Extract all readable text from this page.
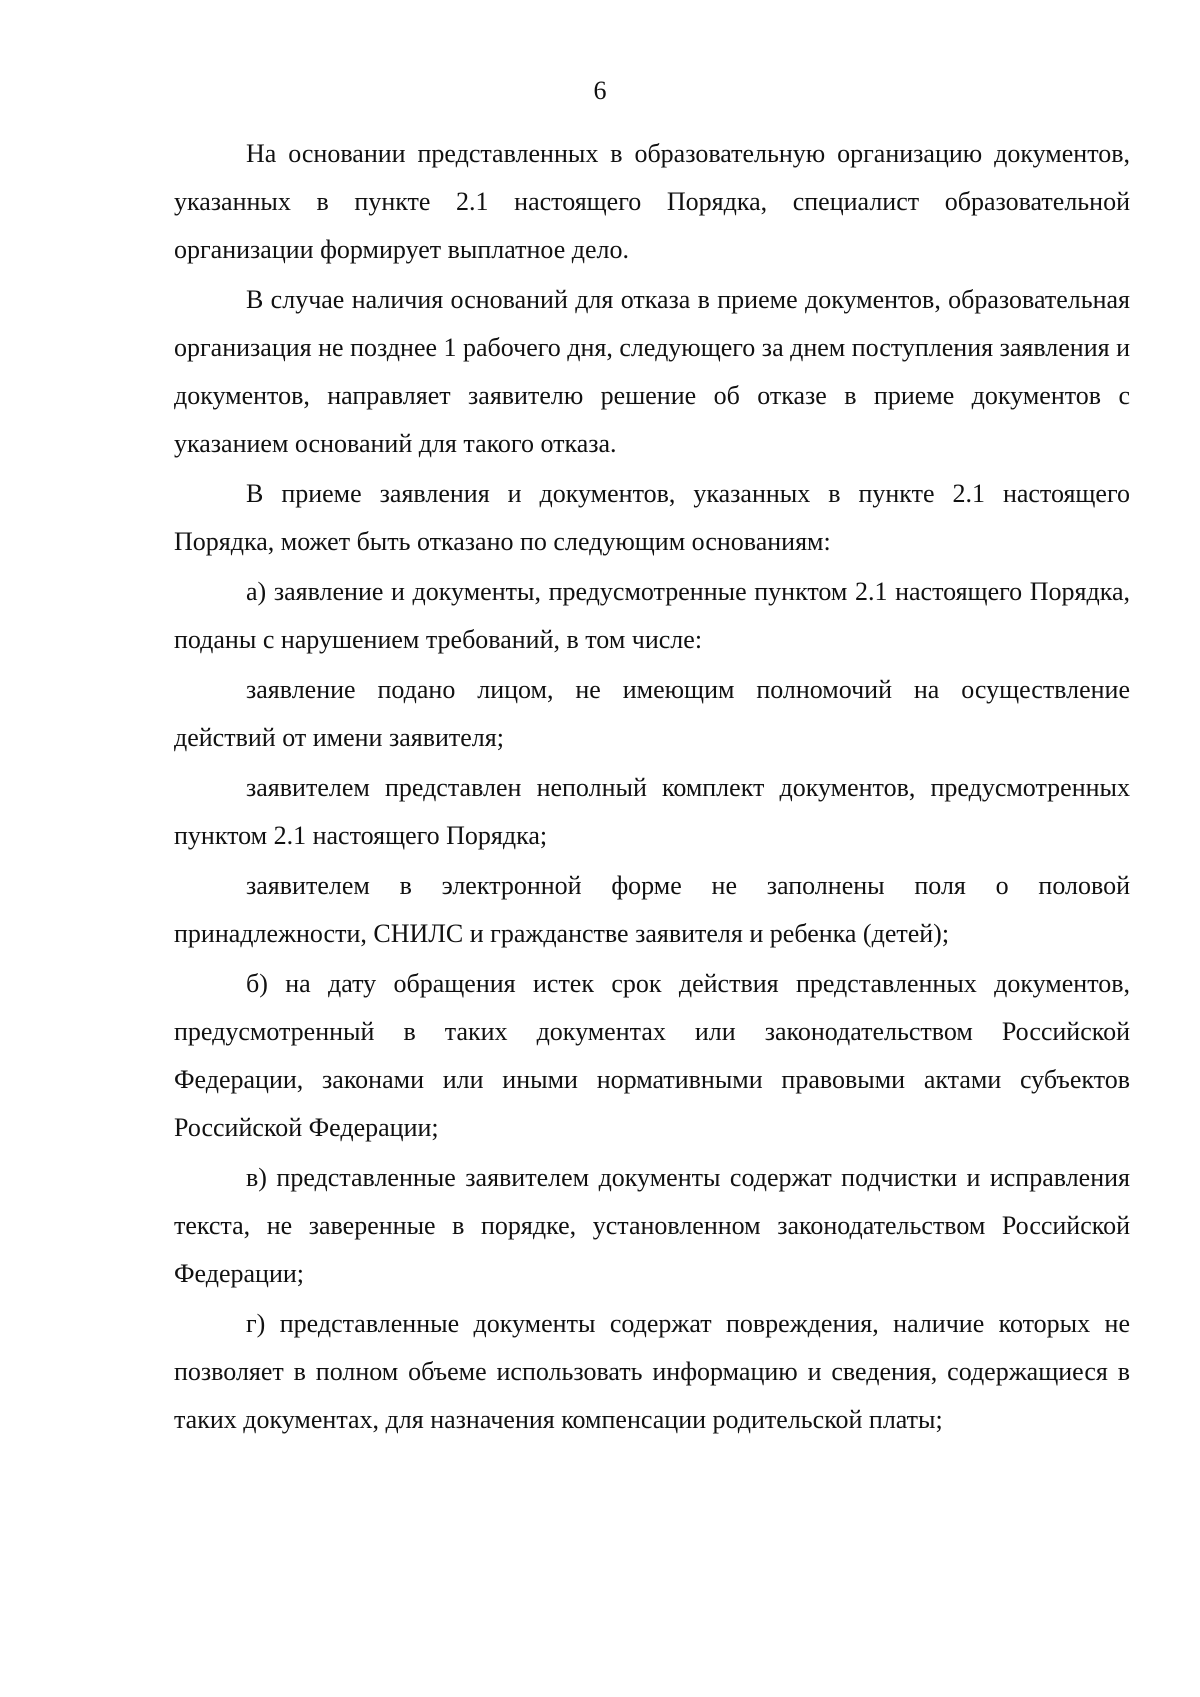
6

На основании представленных в образовательную организацию документов, указанных в пункте 2.1 настоящего Порядка, специалист образовательной организации формирует выплатное дело.

В случае наличия оснований для отказа в приеме документов, образовательная организация не позднее 1 рабочего дня, следующего за днем поступления заявления и документов, направляет заявителю решение об отказе в приеме документов с указанием оснований для такого отказа.

В приеме заявления и документов, указанных в пункте 2.1 настоящего Порядка, может быть отказано по следующим основаниям:

а) заявление и документы, предусмотренные пунктом 2.1 настоящего Порядка, поданы с нарушением требований, в том числе:

заявление подано лицом, не имеющим полномочий на осуществление действий от имени заявителя;

заявителем представлен неполный комплект документов, предусмотренных пунктом 2.1 настоящего Порядка;

заявителем в электронной форме не заполнены поля о половой принадлежности, СНИЛС и гражданстве заявителя и ребенка (детей);

б) на дату обращения истек срок действия представленных документов, предусмотренный в таких документах или законодательством Российской Федерации, законами или иными нормативными правовыми актами субъектов Российской Федерации;

в) представленные заявителем документы содержат подчистки и исправления текста, не заверенные в порядке, установленном законодательством Российской Федерации;

г) представленные документы содержат повреждения, наличие которых не позволяет в полном объеме использовать информацию и сведения, содержащиеся в таких документах, для назначения компенсации родительской платы;
